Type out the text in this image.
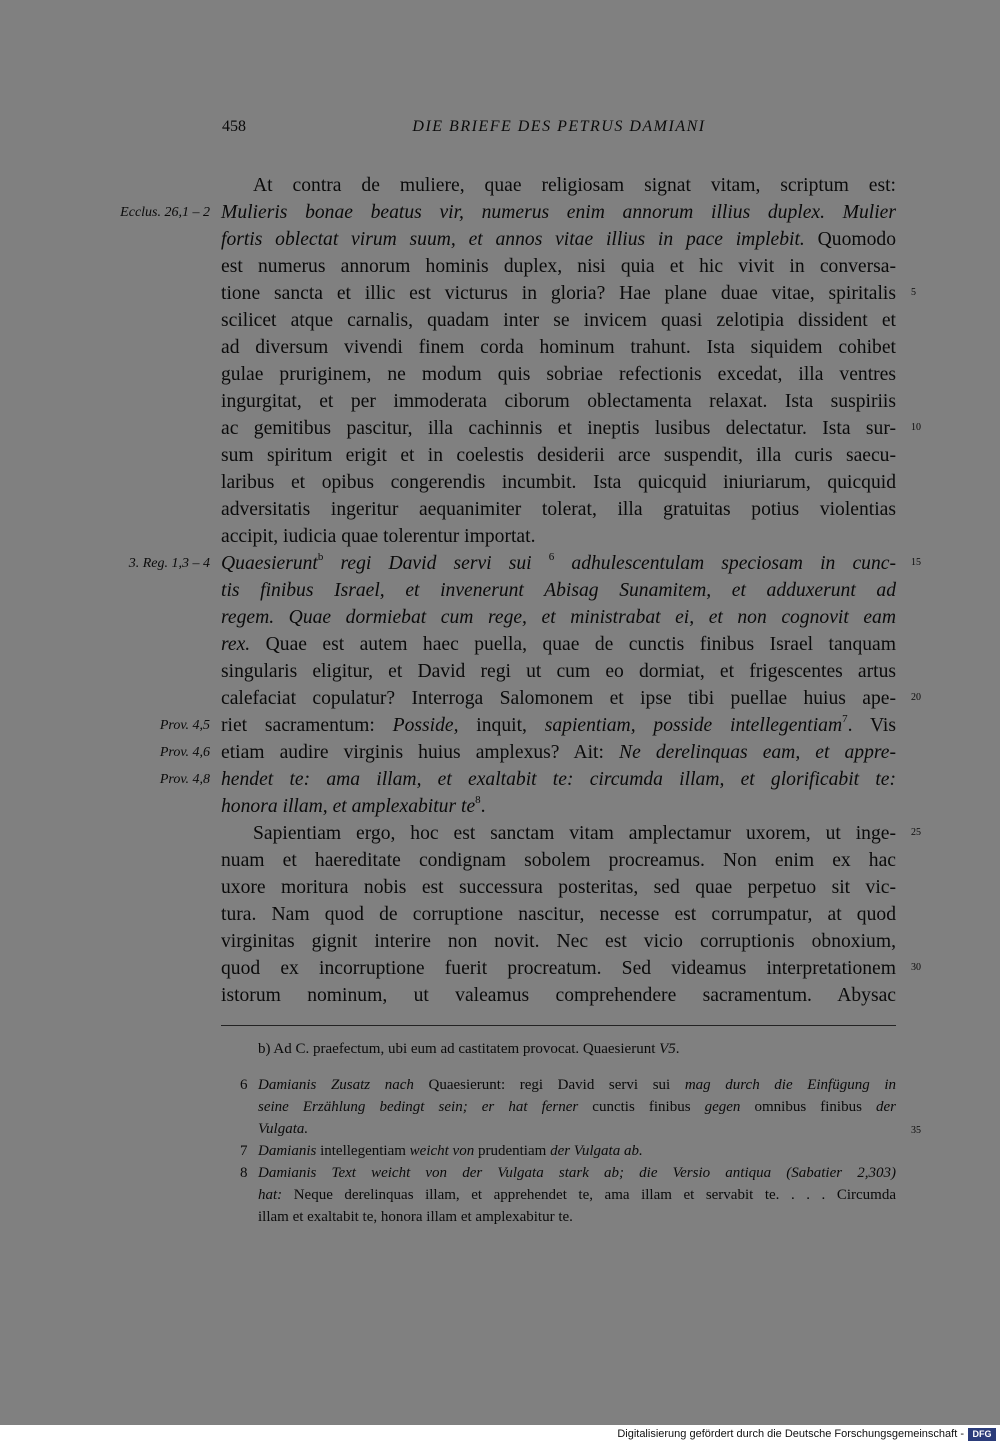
458	DIE BRIEFE DES PETRUS DAMIANI
At contra de muliere, quae religiosam signat vitam, scriptum est:
Ecclus. 26,1 – 2 Mulieris bonae beatus vir, numerus enim annorum illius duplex. Mulier
fortis oblectat virum suum, et annos vitae illius in pace implebit. Quomodo
est numerus annorum hominis duplex, nisi quia et hic vivit in conversa-
tione sancta et illic est victurus in gloria? Hae plane duae vitae, spiritalis 5
scilicet atque carnalis, quadam inter se invicem quasi zelotipia dissident et
ad diversum vivendi finem corda hominum trahunt. Ista siquidem cohibet
gulae pruriginem, ne modum quis sobriae refectionis excedat, illa ventres
ingurgitat, et per immoderata ciborum oblectamenta relaxat. Ista suspiriis
ac gemitibus pascitur, illa cachinnis et ineptis lusibus delectatur. Ista sur- 10
sum spiritum erigit et in coelestis desiderii arce suspendit, illa curis saecu-
laribus et opibus congerendis incumbit. Ista quicquid iniuriarum, quicquid
adversitatis ingeritur aequanimiter tolerat, illa gratuitas potius violentias
accipit, iudicia quae tolerentur importat.
3. Reg. 1,3 – 4 Quaesierunt$^b$ regi David servi sui $^6$ adhulescentulam speciosam in cunc- 15
tis finibus Israel, et invenerunt Abisag Sunamitem, et adduxerunt ad
regem. Quae dormiebat cum rege, et ministrabat ei, et non cognovit eam
rex. Quae est autem haec puella, quae de cunctis finibus Israel tanquam
singularis eligitur, et David regi ut cum eo dormiat, et frigescentes artus
calefaciat copulatur? Interroga Salomonem et ipse tibi puellae huius ape- 20
Prov. 4,5 riet sacramentum: Posside, inquit, sapientiam, posside intellegentiam$^7$. Vis
Prov. 4,6 etiam audire virginis huius amplexus? Ait: Ne derelinquas eam, et appre-
Prov. 4,8 hendet te: ama illam, et exaltabit te: circumda illam, et glorificabit te:
honora illam, et amplexabitur $te^8$.
Sapientiam ergo, hoc est sanctam vitam amplectamur uxorem, ut inge- 25
nuam et haereditate condignam sobolem procreamus. Non enim ex hac
uxore moritura nobis est successura posteritas, sed quae perpetuo sit vic-
tura. Nam quod de corruptione nascitur, necesse est corrumpatur, at quod
virginitas gignit interire non novit. Nec est vicio corruptionis obnoxium,
quod ex incorruptione fuerit procreatum. Sed videamus interpretationem 30
istorum nominum, ut valeamus comprehendere sacramentum. Abysac
b) Ad C. praefectum, ubi eum ad castitatem provocat. Quaesierunt V5.
6 Damianis Zusatz nach Quaesierunt: regi David servi sui mag durch die Einfügung in
seine Erzählung bedingt sein; er hat ferner cunctis finibus gegen omnibus finibus der
Vulgata.	35
7 Damianis intellegentiam weicht von prudentiam der Vulgata ab.
8 Damianis Text weicht von der Vulgata stark ab; die Versio antiqua (Sabatier 2,303)
hat: Neque derelinquas illam, et apprehendet te, ama illam et servabit te. . . . Circumda
illam et exaltabit te, honora illam et amplexabitur te.
Digitalisierung gefördert durch die Deutsche Forschungsgemeinschaft - DFG
